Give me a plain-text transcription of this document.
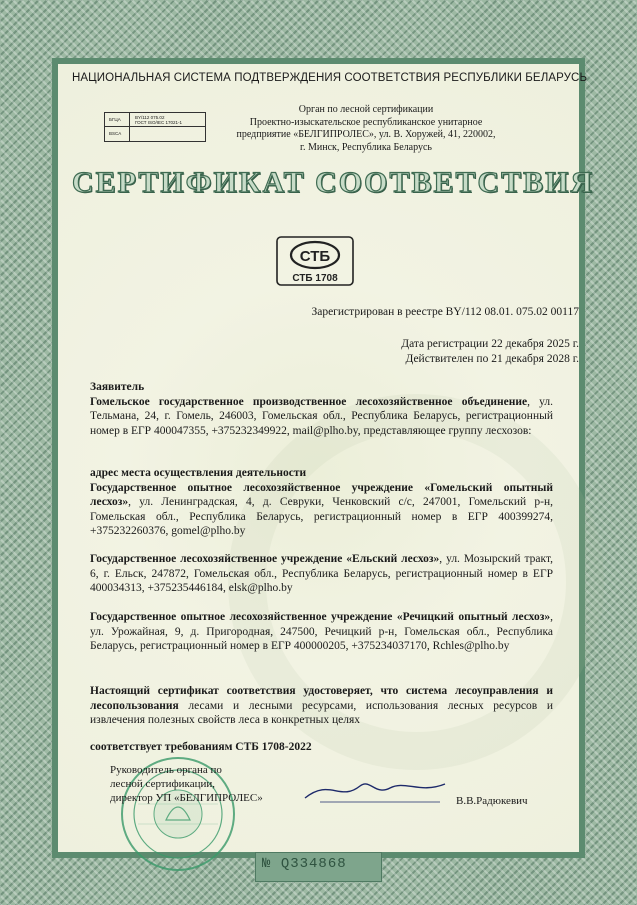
НАЦИОНАЛЬНАЯ СИСТЕМА ПОДТВЕРЖДЕНИЯ СООТВЕТСТВИЯ РЕСПУБЛИКИ БЕЛАРУСЬ
БГЦА	BY/112 075.02
ГОСТ ISO/IEC 17021-1
BSCA
Орган по лесной сертификации
Проектно-изыскательское республиканское унитарное
предприятие «БЕЛГИПРОЛЕС», ул. В. Хоружей, 41, 220002,
г. Минск, Республика Беларусь
СЕРТИФИКАТ СООТВЕТСТВИЯ
СТБ
СТБ 1708
Зарегистрирован в реестре BY/112 08.01. 075.02 00117
Дата регистрации 22 декабря 2025 г.
Действителен по 21 декабря 2028 г.
Заявитель
Гомельское государственное производственное лесохозяйственное объединение, ул. Тельмана, 24, г. Гомель, 246003, Гомельская обл., Республика Беларусь, регистрационный номер в ЕГР 400047355, +375232349922, mail@plho.by, представляющее группу лесхозов:
адрес места осуществления деятельности
Государственное опытное лесохозяйственное учреждение «Гомельский опытный лесхоз», ул. Ленинградская, 4, д. Севруки, Ченковский с/с, 247001, Гомельский р-н, Гомельская обл., Республика Беларусь, регистрационный номер в ЕГР 400399274, +375232260376, gomel@plho.by
Государственное лесохозяйственное учреждение «Ельский лесхоз», ул. Мозырский тракт, 6, г. Ельск, 247872, Гомельская обл., Республика Беларусь, регистрационный номер в ЕГР 400034313, +375235446184, elsk@plho.by
Государственное опытное лесохозяйственное учреждение «Речицкий опытный лесхоз», ул. Урожайная, 9, д. Пригородная, 247500, Речицкий р-н, Гомельская обл., Республика Беларусь, регистрационный номер в ЕГР 400000205, +375234037170, Rchles@plho.by
Настоящий сертификат соответствия удостоверяет, что система лесоуправления и лесопользования лесами и лесными ресурсами, использования лесных ресурсов и извлечения полезных свойств леса в конкретных целях
соответствует требованиям СТБ 1708-2022
Руководитель органа по
лесной сертификации,
директор УП «БЕЛГИПРОЛЕС»	В.В.Радюкевич
№ Q334868
